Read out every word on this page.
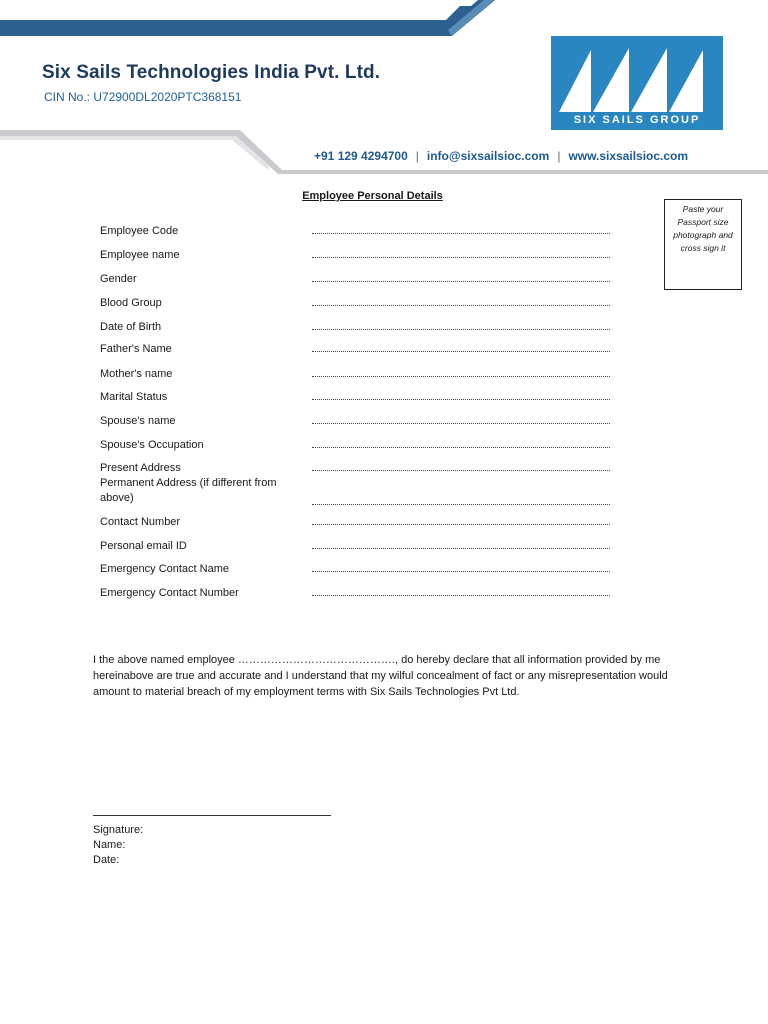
Six Sails Technologies India Pvt. Ltd.
CIN No.: U72900DL2020PTC368151
SIX SAILS GROUP
+91 129 4294700 | info@sixsailsioc.com | www.sixsailsioc.com
Employee Personal Details
Paste your Passport size photograph and cross sign it
Employee Code
Employee name
Gender
Blood Group
Date of Birth
Father's Name
Mother's name
Marital Status
Spouse's name
Spouse's Occupation
Present Address
Permanent Address (if different from above)
Contact Number
Personal email ID
Emergency Contact Name
Emergency Contact Number
I the above named employee ……………………………………., do hereby declare that all information provided by me hereinabove are true and accurate and I understand that my wilful concealment of fact or any misrepresentation would amount to material breach of my employment terms with Six Sails Technologies Pvt Ltd.
Signature:
Name:
Date:
